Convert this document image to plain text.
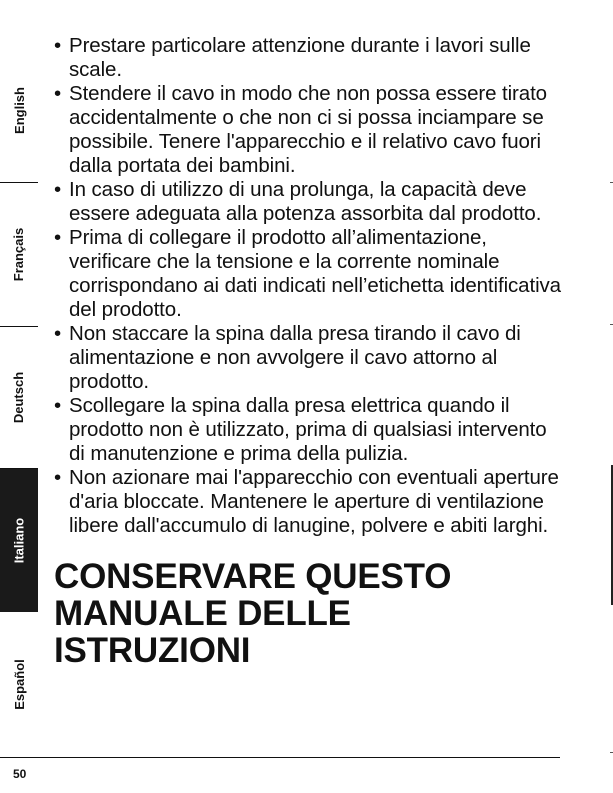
English
Français
Deutsch
Italiano
Español
• Prestare particolare attenzione durante i lavori sulle scale.
• Stendere il cavo in modo che non possa essere tirato accidentalmente o che non ci si possa inciampare se possibile. Tenere l'apparecchio e il relativo cavo fuori dalla portata dei bambini.
• In caso di utilizzo di una prolunga, la capacità deve essere adeguata alla potenza assorbita dal prodotto.
• Prima di collegare il prodotto all’alimentazione, verificare che la tensione e la corrente nominale corrispondano ai dati indicati nell’etichetta identificativa del prodotto.
• Non staccare la spina dalla presa tirando il cavo di alimentazione e non avvolgere il cavo attorno al prodotto.
• Scollegare la spina dalla presa elettrica quando il prodotto non è utilizzato, prima di qualsiasi intervento di manutenzione e prima della pulizia.
• Non azionare mai l'apparecchio con eventuali aperture d'aria bloccate. Mantenere le aperture di ventilazione libere dall'accumulo di lanugine, polvere e abiti larghi.
CONSERVARE QUESTO MANUALE DELLE ISTRUZIONI
50
